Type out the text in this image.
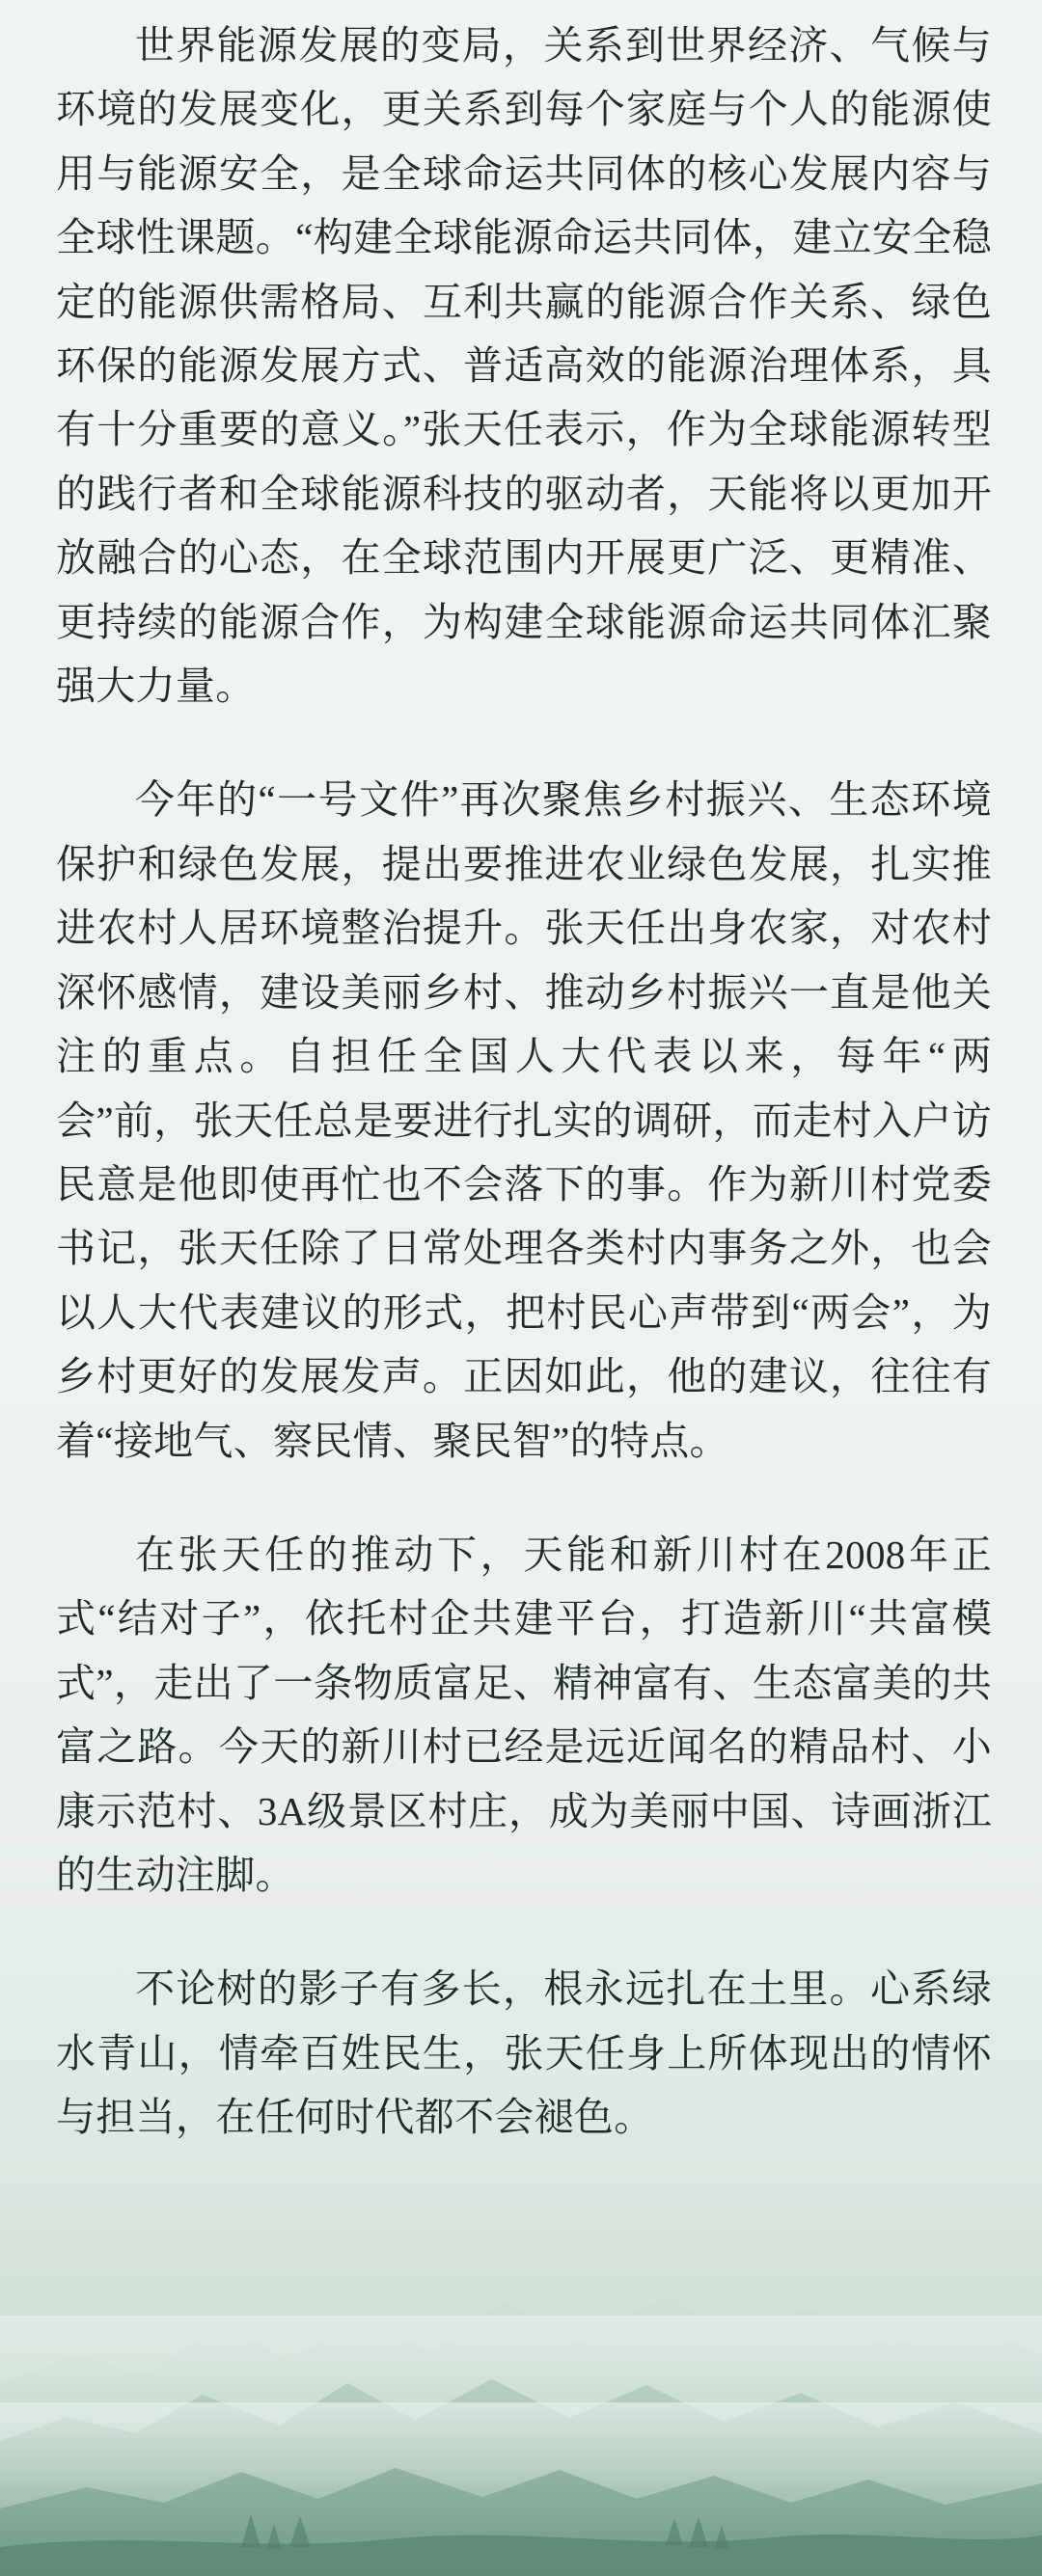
世界能源发展的变局，关系到世界经济、气候与环境的发展变化，更关系到每个家庭与个人的能源使用与能源安全，是全球命运共同体的核心发展内容与全球性课题。“构建全球能源命运共同体，建立安全稳定的能源供需格局、互利共赢的能源合作关系、绿色环保的能源发展方式、普适高效的能源治理体系，具有十分重要的意义。”张天任表示，作为全球能源转型的践行者和全球能源科技的驱动者，天能将以更加开放融合的心态，在全球范围内开展更广泛、更精准、更持续的能源合作，为构建全球能源命运共同体汇聚强大力量。

今年的“一号文件”再次聚焦乡村振兴、生态环境保护和绿色发展，提出要推进农业绿色发展，扎实推进农村人居环境整治提升。张天任出身农家，对农村深怀感情，建设美丽乡村、推动乡村振兴一直是他关注的重点。自担任全国人大代表以来，每年“两会”前，张天任总是要进行扎实的调研，而走村入户访民意是他即使再忙也不会落下的事。作为新川村党委书记，张天任除了日常处理各类村内事务之外，也会以人大代表建议的形式，把村民心声带到“两会”，为乡村更好的发展发声。正因如此，他的建议，往往有着“接地气、察民情、聚民智”的特点。

在张天任的推动下，天能和新川村在2008年正式“结对子”，依托村企共建平台，打造新川“共富模式”，走出了一条物质富足、精神富有、生态富美的共富之路。今天的新川村已经是远近闻名的精品村、小康示范村、3A级景区村庄，成为美丽中国、诗画浙江的生动注脚。

不论树的影子有多长，根永远扎在土里。心系绿水青山，情牵百姓民生，张天任身上所体现出的情怀与担当，在任何时代都不会褪色。
